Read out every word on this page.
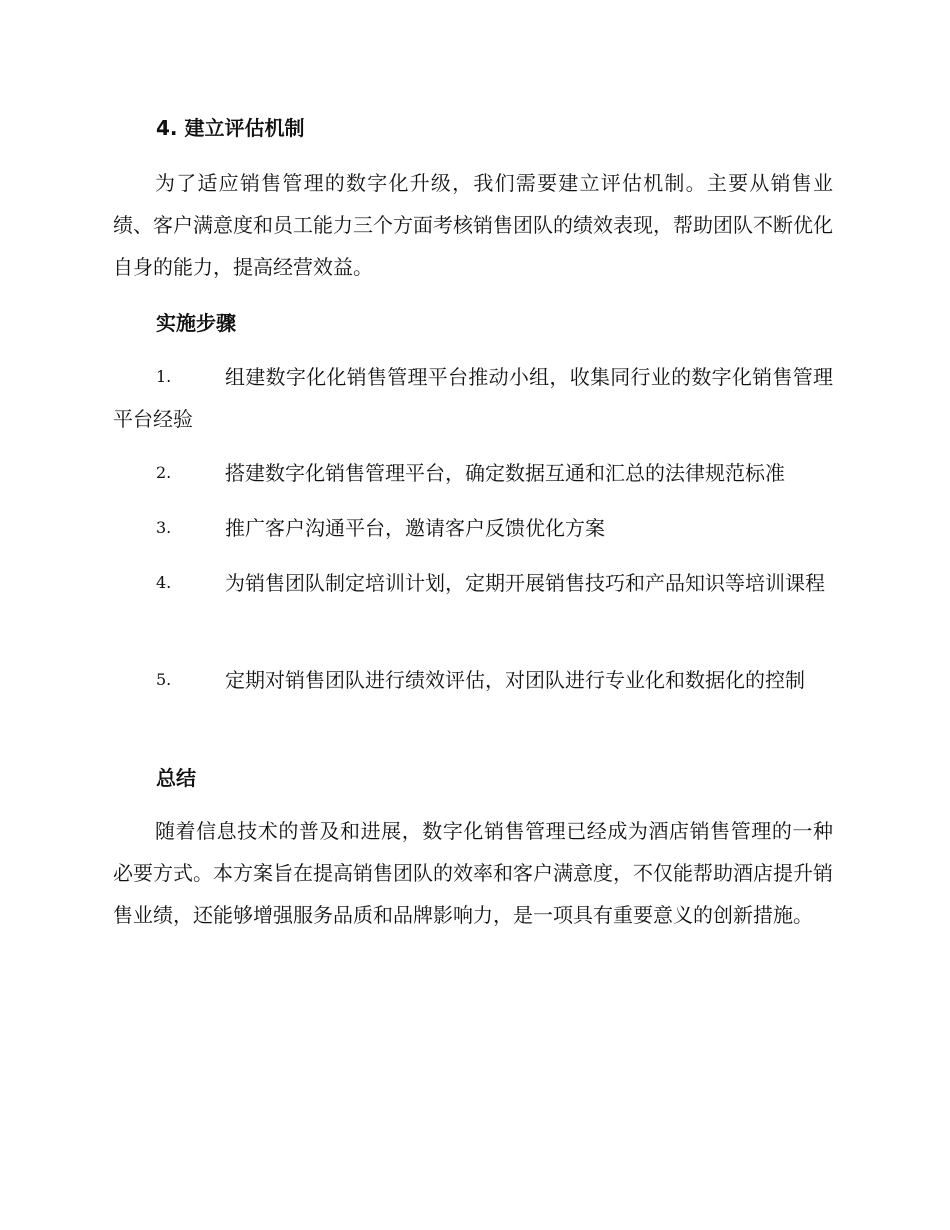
4. 建立评估机制
为了适应销售管理的数字化升级，我们需要建立评估机制。主要从销售业绩、客户满意度和员工能力三个方面考核销售团队的绩效表现，帮助团队不断优化自身的能力，提高经营效益。
实施步骤
1.	组建数字化化销售管理平台推动小组，收集同行业的数字化销售管理平台经验
2.	搭建数字化销售管理平台，确定数据互通和汇总的法律规范标准
3.	推广客户沟通平台，邀请客户反馈优化方案
4.	为销售团队制定培训计划，定期开展销售技巧和产品知识等培训课程
5.	定期对销售团队进行绩效评估，对团队进行专业化和数据化的控制
总结
随着信息技术的普及和进展，数字化销售管理已经成为酒店销售管理的一种必要方式。本方案旨在提高销售团队的效率和客户满意度，不仅能帮助酒店提升销售业绩，还能够增强服务品质和品牌影响力，是一项具有重要意义的创新措施。
